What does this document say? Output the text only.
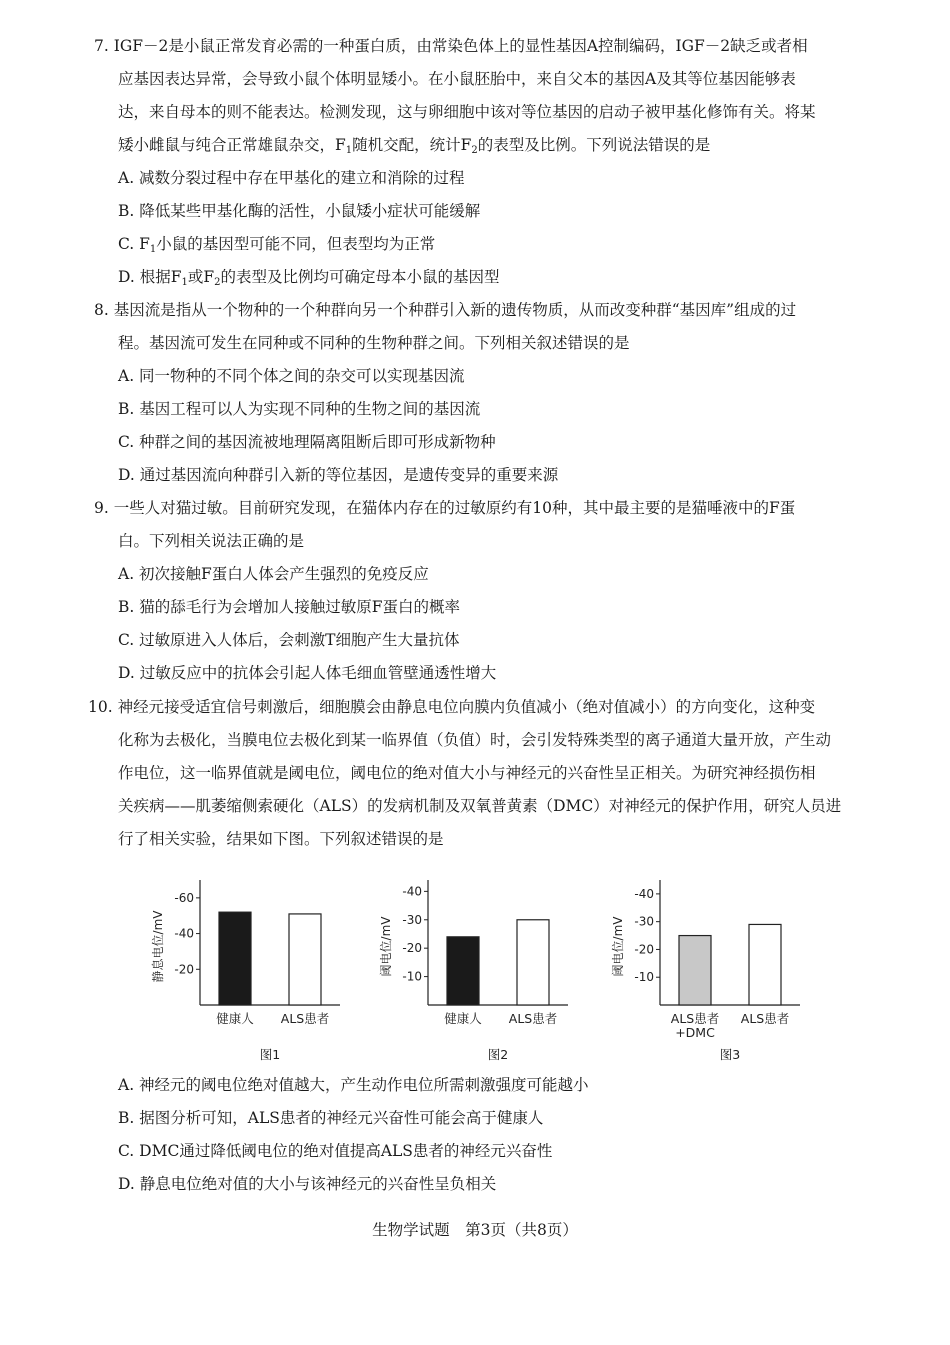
7. IGF－2是小鼠正常发育必需的一种蛋白质，由常染色体上的显性基因A控制编码，IGF－2缺乏或者相
应基因表达异常，会导致小鼠个体明显矮小。在小鼠胚胎中，来自父本的基因A及其等位基因能够表
达，来自母本的则不能表达。检测发现，这与卵细胞中该对等位基因的启动子被甲基化修饰有关。将某
矮小雌鼠与纯合正常雄鼠杂交，$F_1$随机交配，统计$F_2$的表型及比例。下列说法错误的是
A. 减数分裂过程中存在甲基化的建立和消除的过程
B. 降低某些甲基化酶的活性，小鼠矮小症状可能缓解
C. $F_1$小鼠的基因型可能不同，但表型均为正常
D. 根据$F_1$或$F_2$的表型及比例均可确定母本小鼠的基因型
8. 基因流是指从一个物种的一个种群向另一个种群引入新的遗传物质，从而改变种群“基因库”组成的过
程。基因流可发生在同种或不同种的生物种群之间。下列相关叙述错误的是
A. 同一物种的不同个体之间的杂交可以实现基因流
B. 基因工程可以人为实现不同种的生物之间的基因流
C. 种群之间的基因流被地理隔离阻断后即可形成新物种
D. 通过基因流向种群引入新的等位基因，是遗传变异的重要来源
9. 一些人对猫过敏。目前研究发现，在猫体内存在的过敏原约有10种，其中最主要的是猫唾液中的F蛋
白。下列相关说法正确的是
A. 初次接触F蛋白人体会产生强烈的免疫反应
B. 猫的舔毛行为会增加人接触过敏原F蛋白的概率
C. 过敏原进入人体后，会刺激T细胞产生大量抗体
D. 过敏反应中的抗体会引起人体毛细血管壁通透性增大
10. 神经元接受适宜信号刺激后，细胞膜会由静息电位向膜内负值减小（绝对值减小）的方向变化，这种变
化称为去极化，当膜电位去极化到某一临界值（负值）时，会引发特殊类型的离子通道大量开放，产生动
作电位，这一临界值就是阈电位，阈电位的绝对值大小与神经元的兴奋性呈正相关。为研究神经损伤相
关疾病——肌萎缩侧索硬化（ALS）的发病机制及双氧普黄素（DMC）对神经元的保护作用，研究人员进
行了相关实验，结果如下图。下列叙述错误的是
-60
-40
-20
静息电位/mV
健康人 ALS患者
图1
-40
-30
-20
-10
阈电位/mV
健康人 ALS患者
图2
-40
-30
-20
-10
阈电位/mV
ALS患者
+DMC
ALS患者
图3
A. 神经元的阈电位绝对值越大，产生动作电位所需刺激强度可能越小
B. 据图分析可知，ALS患者的神经元兴奋性可能会高于健康人
C. DMC通过降低阈电位的绝对值提高ALS患者的神经元兴奋性
D. 静息电位绝对值的大小与该神经元的兴奋性呈负相关
生物学试题　第3页（共8页）
